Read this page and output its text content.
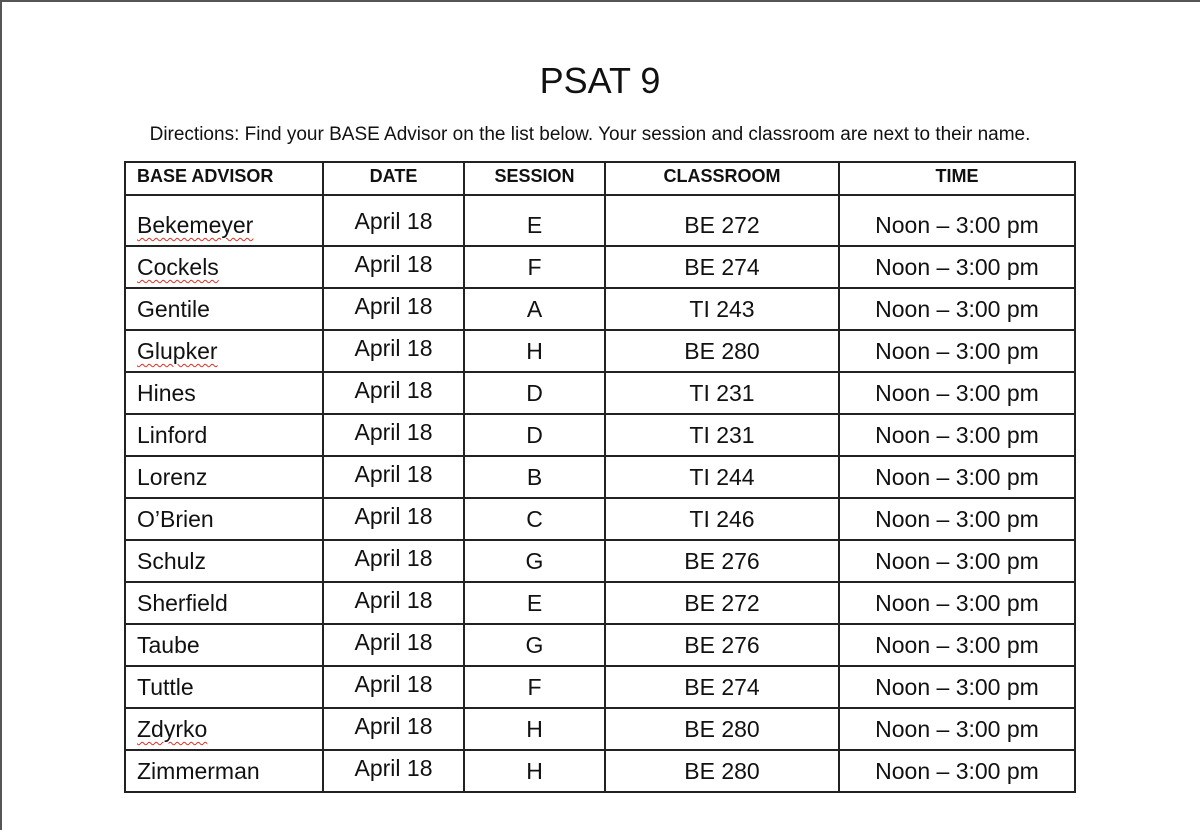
PSAT 9
Directions: Find your BASE Advisor on the list below. Your session and classroom are next to their name.
BASE ADVISOR	DATE	SESSION	CLASSROOM	TIME
Bekemeyer	April 18	E	BE 272	Noon – 3:00 pm
Cockels	April 18	F	BE 274	Noon – 3:00 pm
Gentile	April 18	A	TI 243	Noon – 3:00 pm
Glupker	April 18	H	BE 280	Noon – 3:00 pm
Hines	April 18	D	TI 231	Noon – 3:00 pm
Linford	April 18	D	TI 231	Noon – 3:00 pm
Lorenz	April 18	B	TI 244	Noon – 3:00 pm
O’Brien	April 18	C	TI 246	Noon – 3:00 pm
Schulz	April 18	G	BE 276	Noon – 3:00 pm
Sherfield	April 18	E	BE 272	Noon – 3:00 pm
Taube	April 18	G	BE 276	Noon – 3:00 pm
Tuttle	April 18	F	BE 274	Noon – 3:00 pm
Zdyrko	April 18	H	BE 280	Noon – 3:00 pm
Zimmerman	April 18	H	BE 280	Noon – 3:00 pm
